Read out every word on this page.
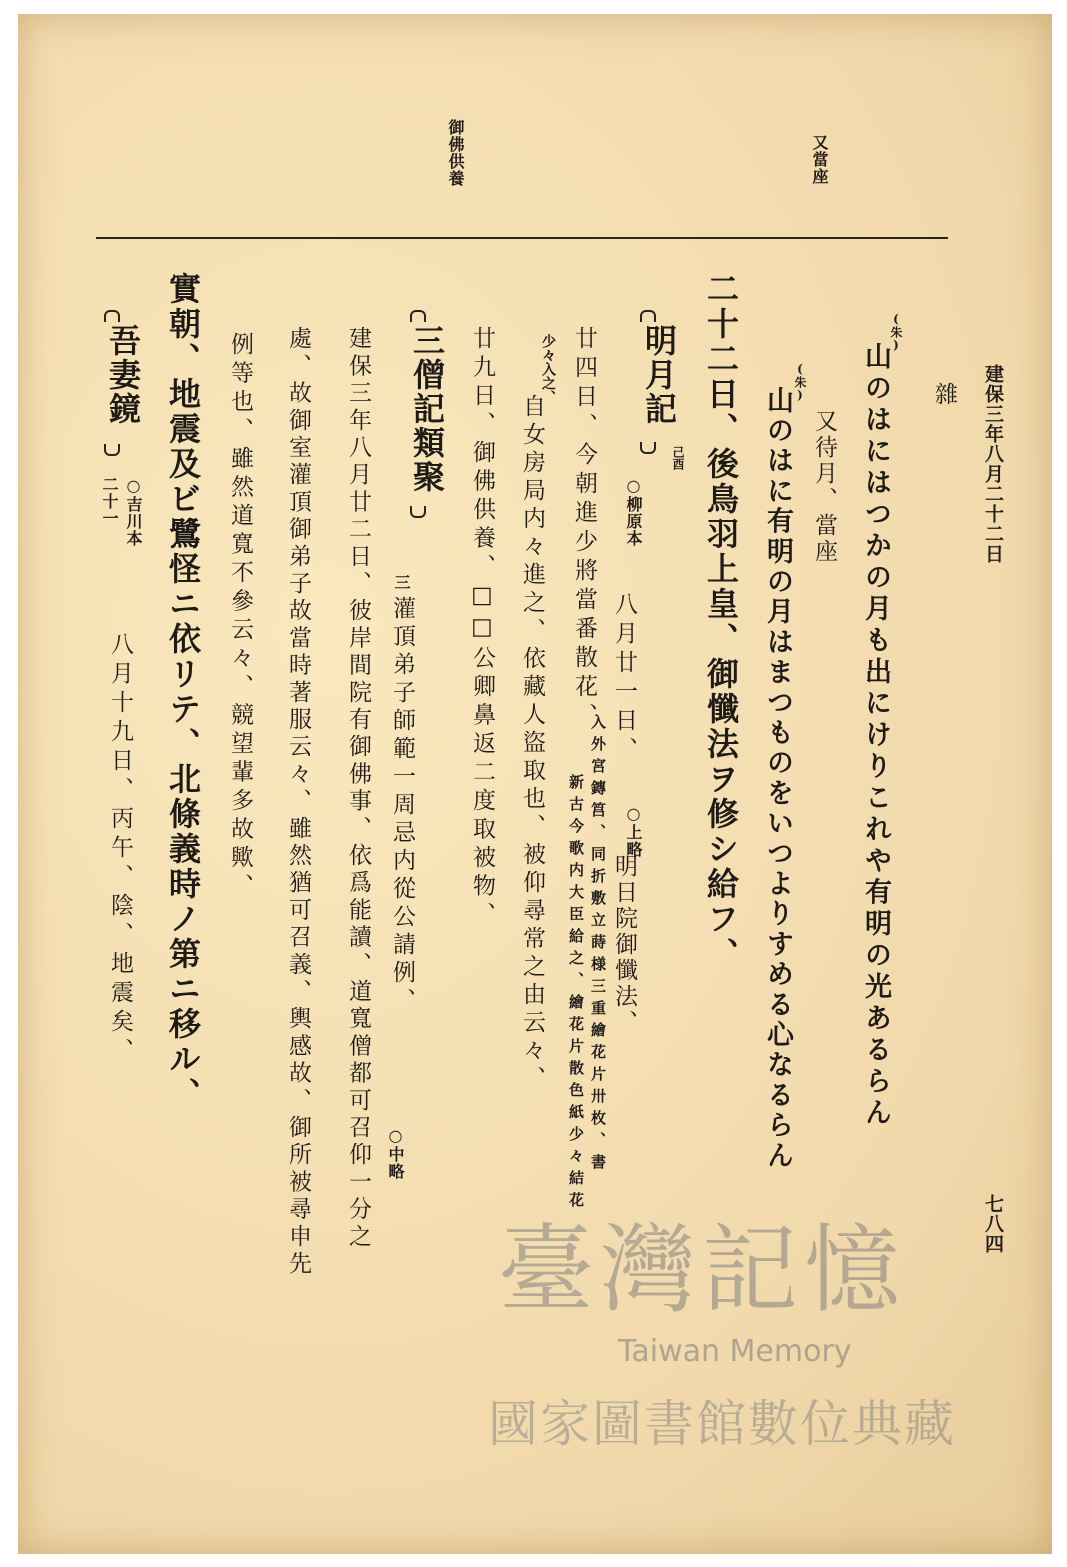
建保三年八月二十二日
七八四
又當座
御佛供養
雜
(朱)
山のはにはつかの月も出にけりこれや有明の光あるらん
又待月、當座
(朱)
山のはに有明の月はまつものをいつよりすめる心なるらん
二十二日、後鳥羽上皇、御懺法ヲ修シ給フ、
己酉
明月記
○柳原本
八月廿一日、
○上略
明日院御懺法、
廿四日、今朝進少將當番散花、
入外宮鏄筥、同折敷立蒔様三重繪花片卅枚、書
新古今歌内大臣給之、繪花片散色紙少々結花
少々入之、
自女房局内々進之、依藏人盜取也、被仰尋常之由云々、
廿九日、御佛供養、□□公卿鼻返二度取被物、
三僧記類聚
三
灌頂弟子師範一周忌内從公請例、
○中略
建保三年八月廿二日、彼岸間院有御佛事、依爲能讀、道寬僧都可召仰一分之
處、故御室灌頂御弟子故當時著服云々、雖然猶可召義、輿感故、御所被尋申先
例等也、雖然道寬不參云々、競望輩多故歟、
實朝、地震及ビ鷺怪ニ依リテ、北條義時ノ第ニ移ル、
吾妻鏡
○吉川本
二十一
八月十九日、丙午、陰、地震矣、
臺灣記憶
Taiwan Memory
國家圖書館數位典藏
